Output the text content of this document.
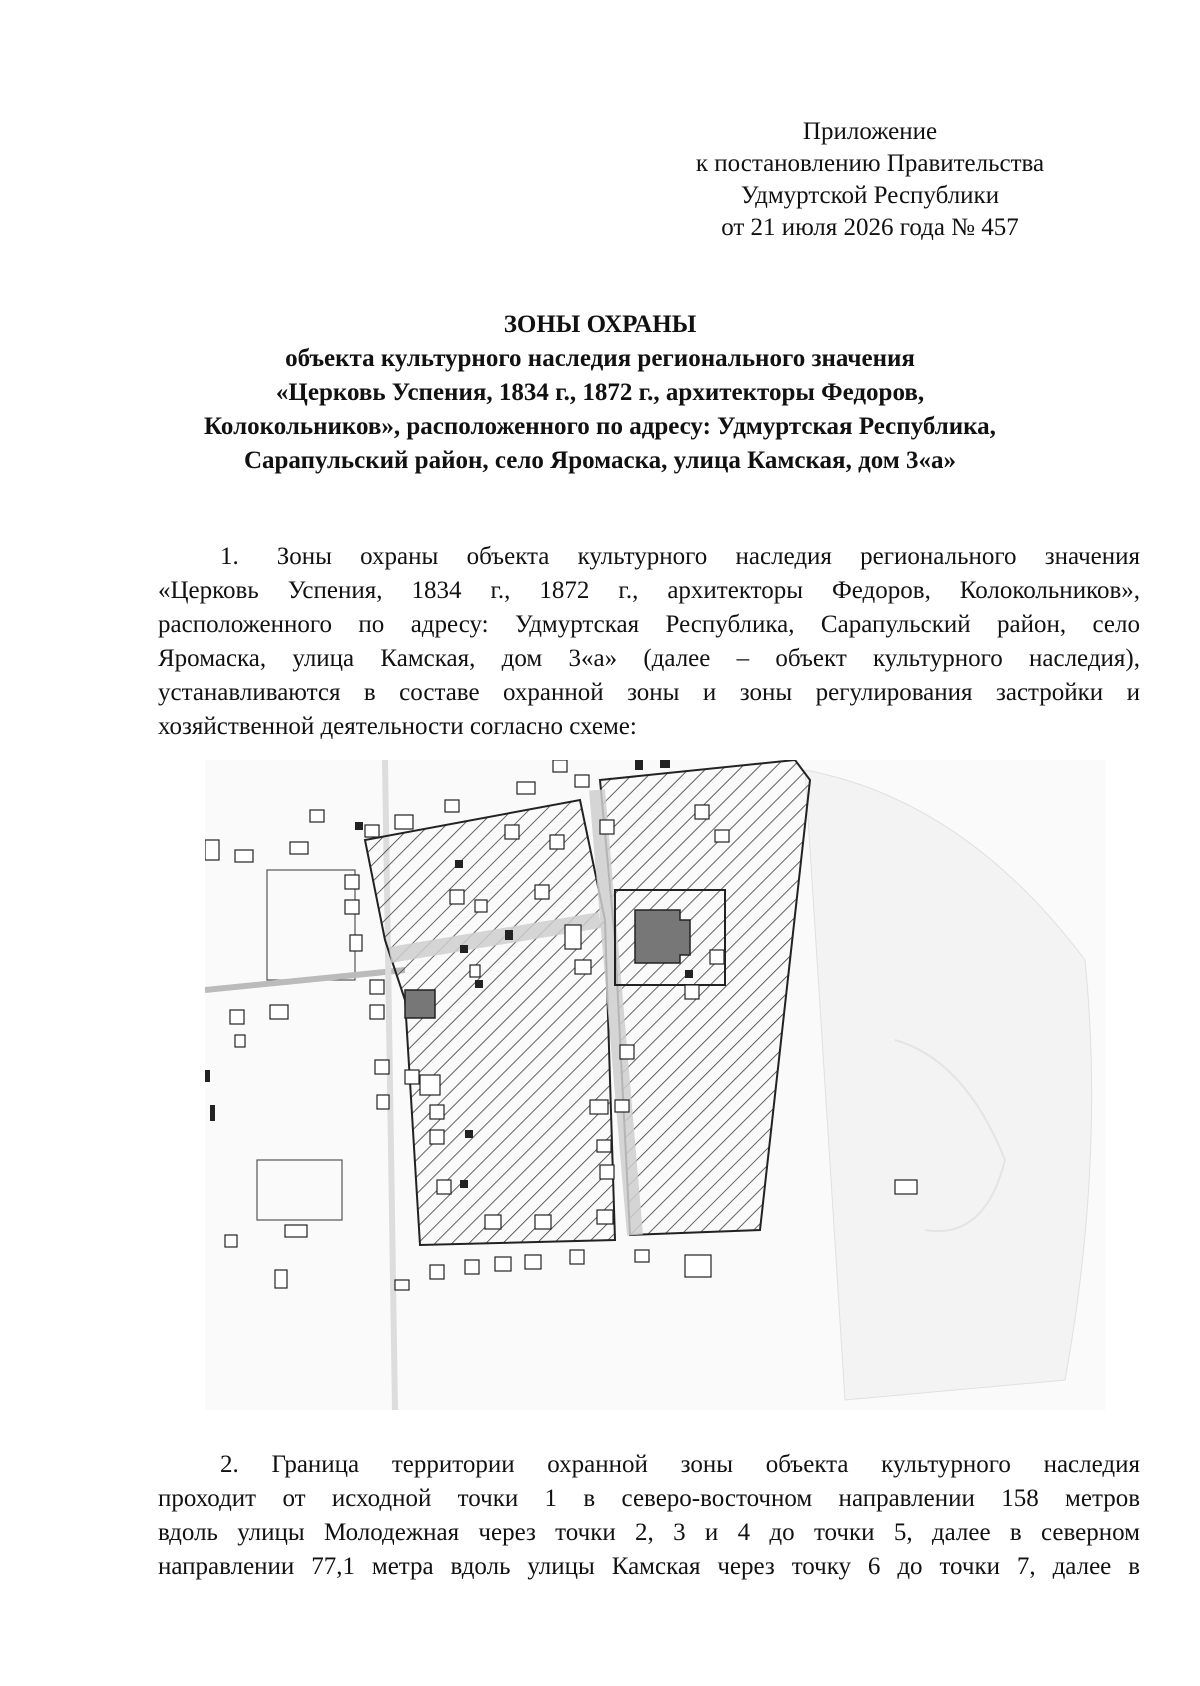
Приложение
к постановлению Правительства
Удмуртской Республики
от 21 июля 2026 года № 457
ЗОНЫ ОХРАНЫ
объекта культурного наследия регионального значения
«Церковь Успения, 1834 г., 1872 г., архитекторы Федоров,
Колокольников», расположенного по адресу: Удмуртская Республика,
Сарапульский район, село Яромаска, улица Камская, дом 3«а»
1. Зоны охраны объекта культурного наследия регионального значения
«Церковь Успения, 1834 г., 1872 г., архитекторы Федоров, Колокольников»,
расположенного по адресу: Удмуртская Республика, Сарапульский район, село
Яромаска, улица Камская, дом 3«а» (далее – объект культурного наследия),
устанавливаются в составе охранной зоны и зоны регулирования застройки и
хозяйственной деятельности согласно схеме:
2. Граница территории охранной зоны объекта культурного наследия
проходит от исходной точки 1 в северо-восточном направлении 158 метров
вдоль улицы Молодежная через точки 2, 3 и 4 до точки 5, далее в северном
направлении 77,1 метра вдоль улицы Камская через точку 6 до точки 7, далее в
